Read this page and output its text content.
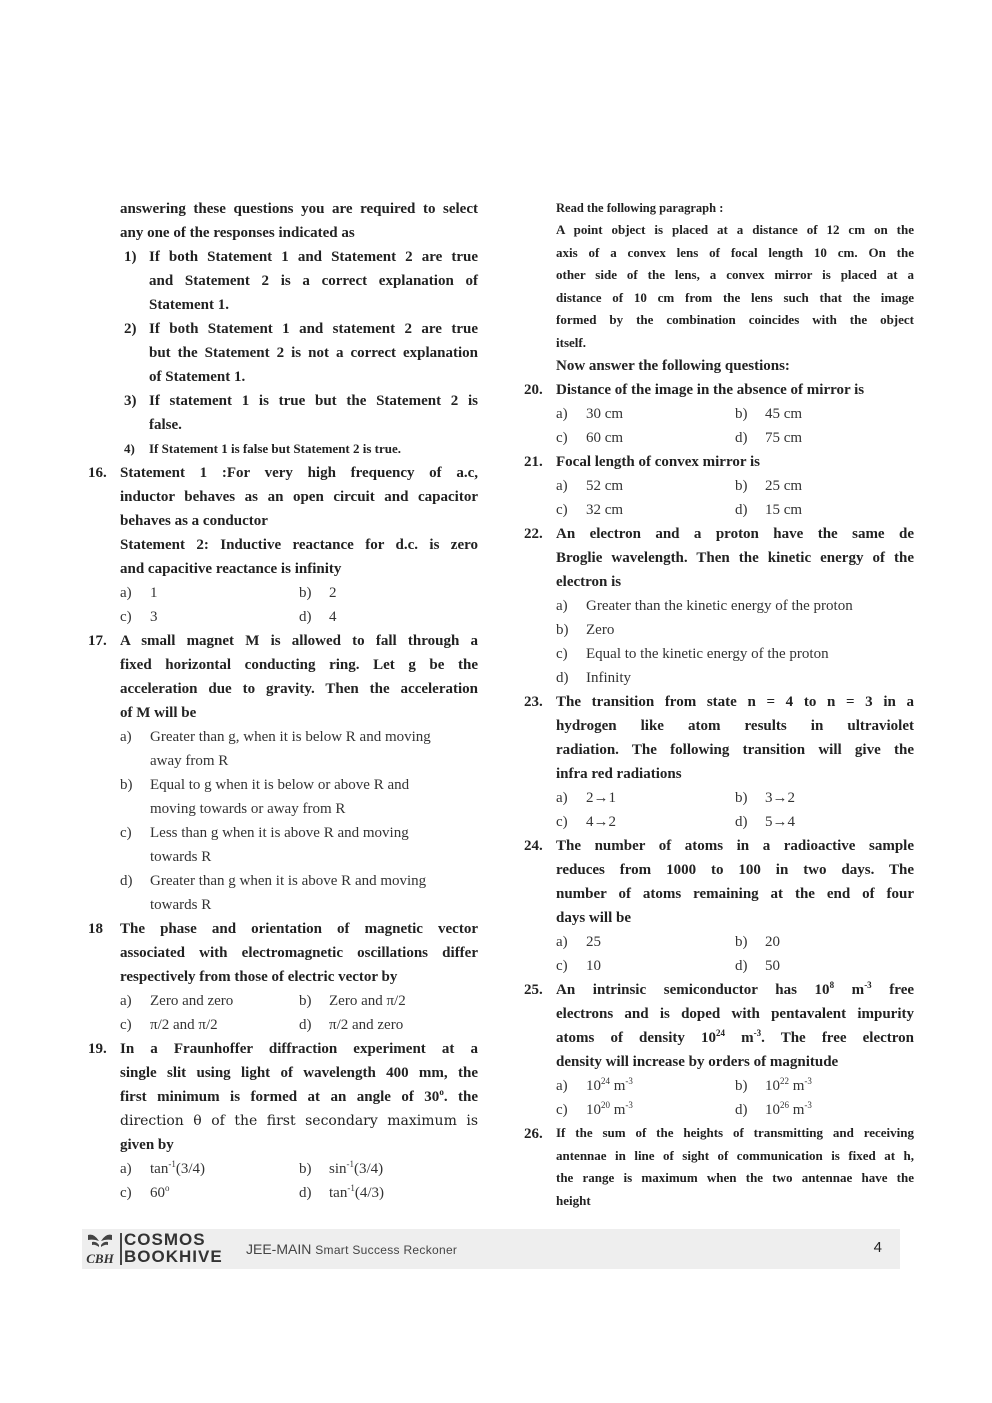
answering these questions you are required to select
any one of the responses indicated as
1) If both Statement 1 and Statement 2 are true
and Statement 2 is a correct explanation of
Statement 1.
2) If both Statement 1 and statement 2 are true
but the Statement 2 is not a correct explanation
of Statement 1.
3) If statement 1 is true but the Statement 2 is
false.
4) If Statement 1 is false but Statement 2 is true.
16. Statement 1 :For very high frequency of a.c,
inductor behaves as an open circuit and capacitor
behaves as a conductor
Statement 2: Inductive reactance for d.c. is zero
and capacitive reactance is infinity
a)	1	b)	2
c)	3	d)	4
17. A small magnet M is allowed to fall through a
fixed horizontal conducting ring. Let g be the
acceleration due to gravity. Then the acceleration
of M will be
a) Greater than g, when it is below R and moving
away from R
b) Equal to g when it is below or above R and
moving towards or away from R
c) Less than g when it is above R and moving
towards R
d) Greater than g when it is above R and moving
towards R
18 The phase and orientation of magnetic vector
associated with electromagnetic oscillations differ
respectively from those of electric vector by
a)	Zero and zero	b)	Zero and π/2
c)	π/2 and π/2	d)	π/2 and zero
19. In a Fraunhoffer diffraction experiment at a
single slit using light of wavelength 400 mm, the
first minimum is formed at an angle of 30$^o$. the
direction θ of the first secondary maximum is
given by
a)	$\tan^{-1}(3/4)$	b)	$\sin^{-1}(3/4)$
c)	60$^o$	d)	$\tan^{-1}(4/3)$
Read the following paragraph :
A point object is placed at a distance of 12 cm on the
axis of a convex lens of focal length 10 cm. On the
other side of the lens, a convex mirror is placed at a
distance of 10 cm from the lens such that the image
formed by the combination coincides with the object
itself.
Now answer the following questions:
20. Distance of the image in the absence of mirror is
a)	30 cm	b)	45 cm
c)	60 cm	d)	75 cm
21. Focal length of convex mirror is
a)	52 cm	b)	25 cm
c)	32 cm	d)	15 cm
22. An electron and a proton have the same de
Broglie wavelength. Then the kinetic energy of the
electron is
a) Greater than the kinetic energy of the proton
b) Zero
c) Equal to the kinetic energy of the proton
d) Infinity
23. The transition from state n = 4 to n = 3 in a
hydrogen like atom results in ultraviolet
radiation. The following transition will give the
infra red radiations
a)	2→1	b)	3→2
c)	4→2	d)	5→4
24. The number of atoms in a radioactive sample
reduces from 1000 to 100 in two days. The
number of atoms remaining at the end of four
days will be
a)	25	b)	20
c)	10	d)	50
25. An intrinsic semiconductor has $10^8$ $m^{-3}$ free
electrons and is doped with pentavalent impurity
atoms of density $10^{24}$ $m^{-3}$. The free electron
density will increase by orders of magnitude
a)	$10^{24}$ $m^{-3}$	b)	$10^{22}$ $m^{-3}$
c)	$10^{20}$ $m^{-3}$	d)	$10^{26}$ $m^{-3}$
26. If the sum of the heights of transmitting and receiving
antennae in line of sight of communication is fixed at h,
the range is maximum when the two antennae have the
height
CBH
COSMOS
BOOKHIVE JEE-MAIN Smart Success Reckoner	4
